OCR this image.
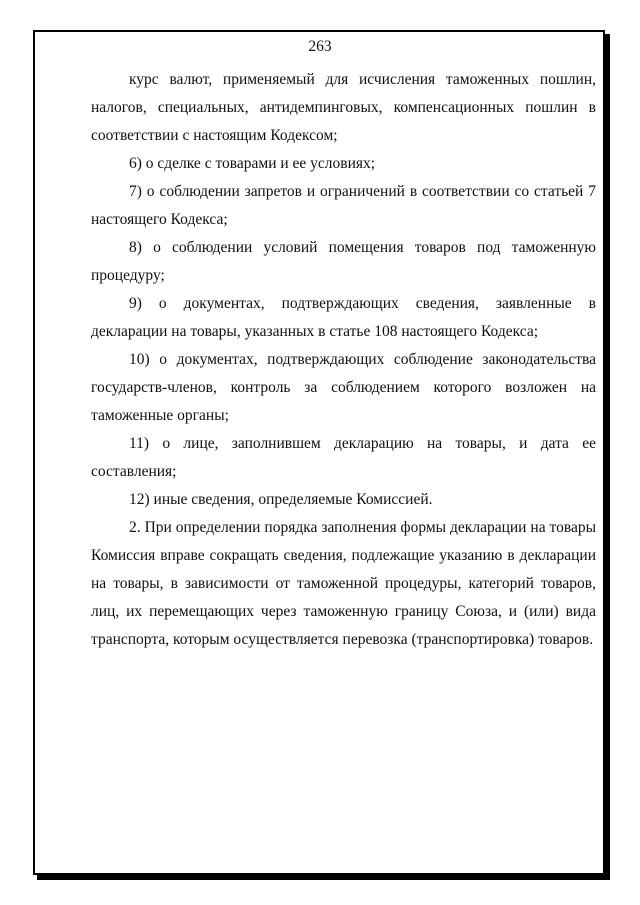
263

курс валют, применяемый для исчисления таможенных пошлин, налогов, специальных, антидемпинговых, компенсационных пошлин в соответствии с настоящим Кодексом;

6) о сделке с товарами и ее условиях;

7) о соблюдении запретов и ограничений в соответствии со статьей 7 настоящего Кодекса;

8) о соблюдении условий помещения товаров под таможенную процедуру;

9) о документах, подтверждающих сведения, заявленные в декларации на товары, указанных в статье 108 настоящего Кодекса;

10) о документах, подтверждающих соблюдение законодательства государств-членов, контроль за соблюдением которого возложен на таможенные органы;

11) о лице, заполнившем декларацию на товары, и дата ее составления;

12) иные сведения, определяемые Комиссией.

2. При определении порядка заполнения формы декларации на товары Комиссия вправе сокращать сведения, подлежащие указанию в декларации на товары, в зависимости от таможенной процедуры, категорий товаров, лиц, их перемещающих через таможенную границу Союза, и (или) вида транспорта, которым осуществляется перевозка (транспортировка) товаров.
